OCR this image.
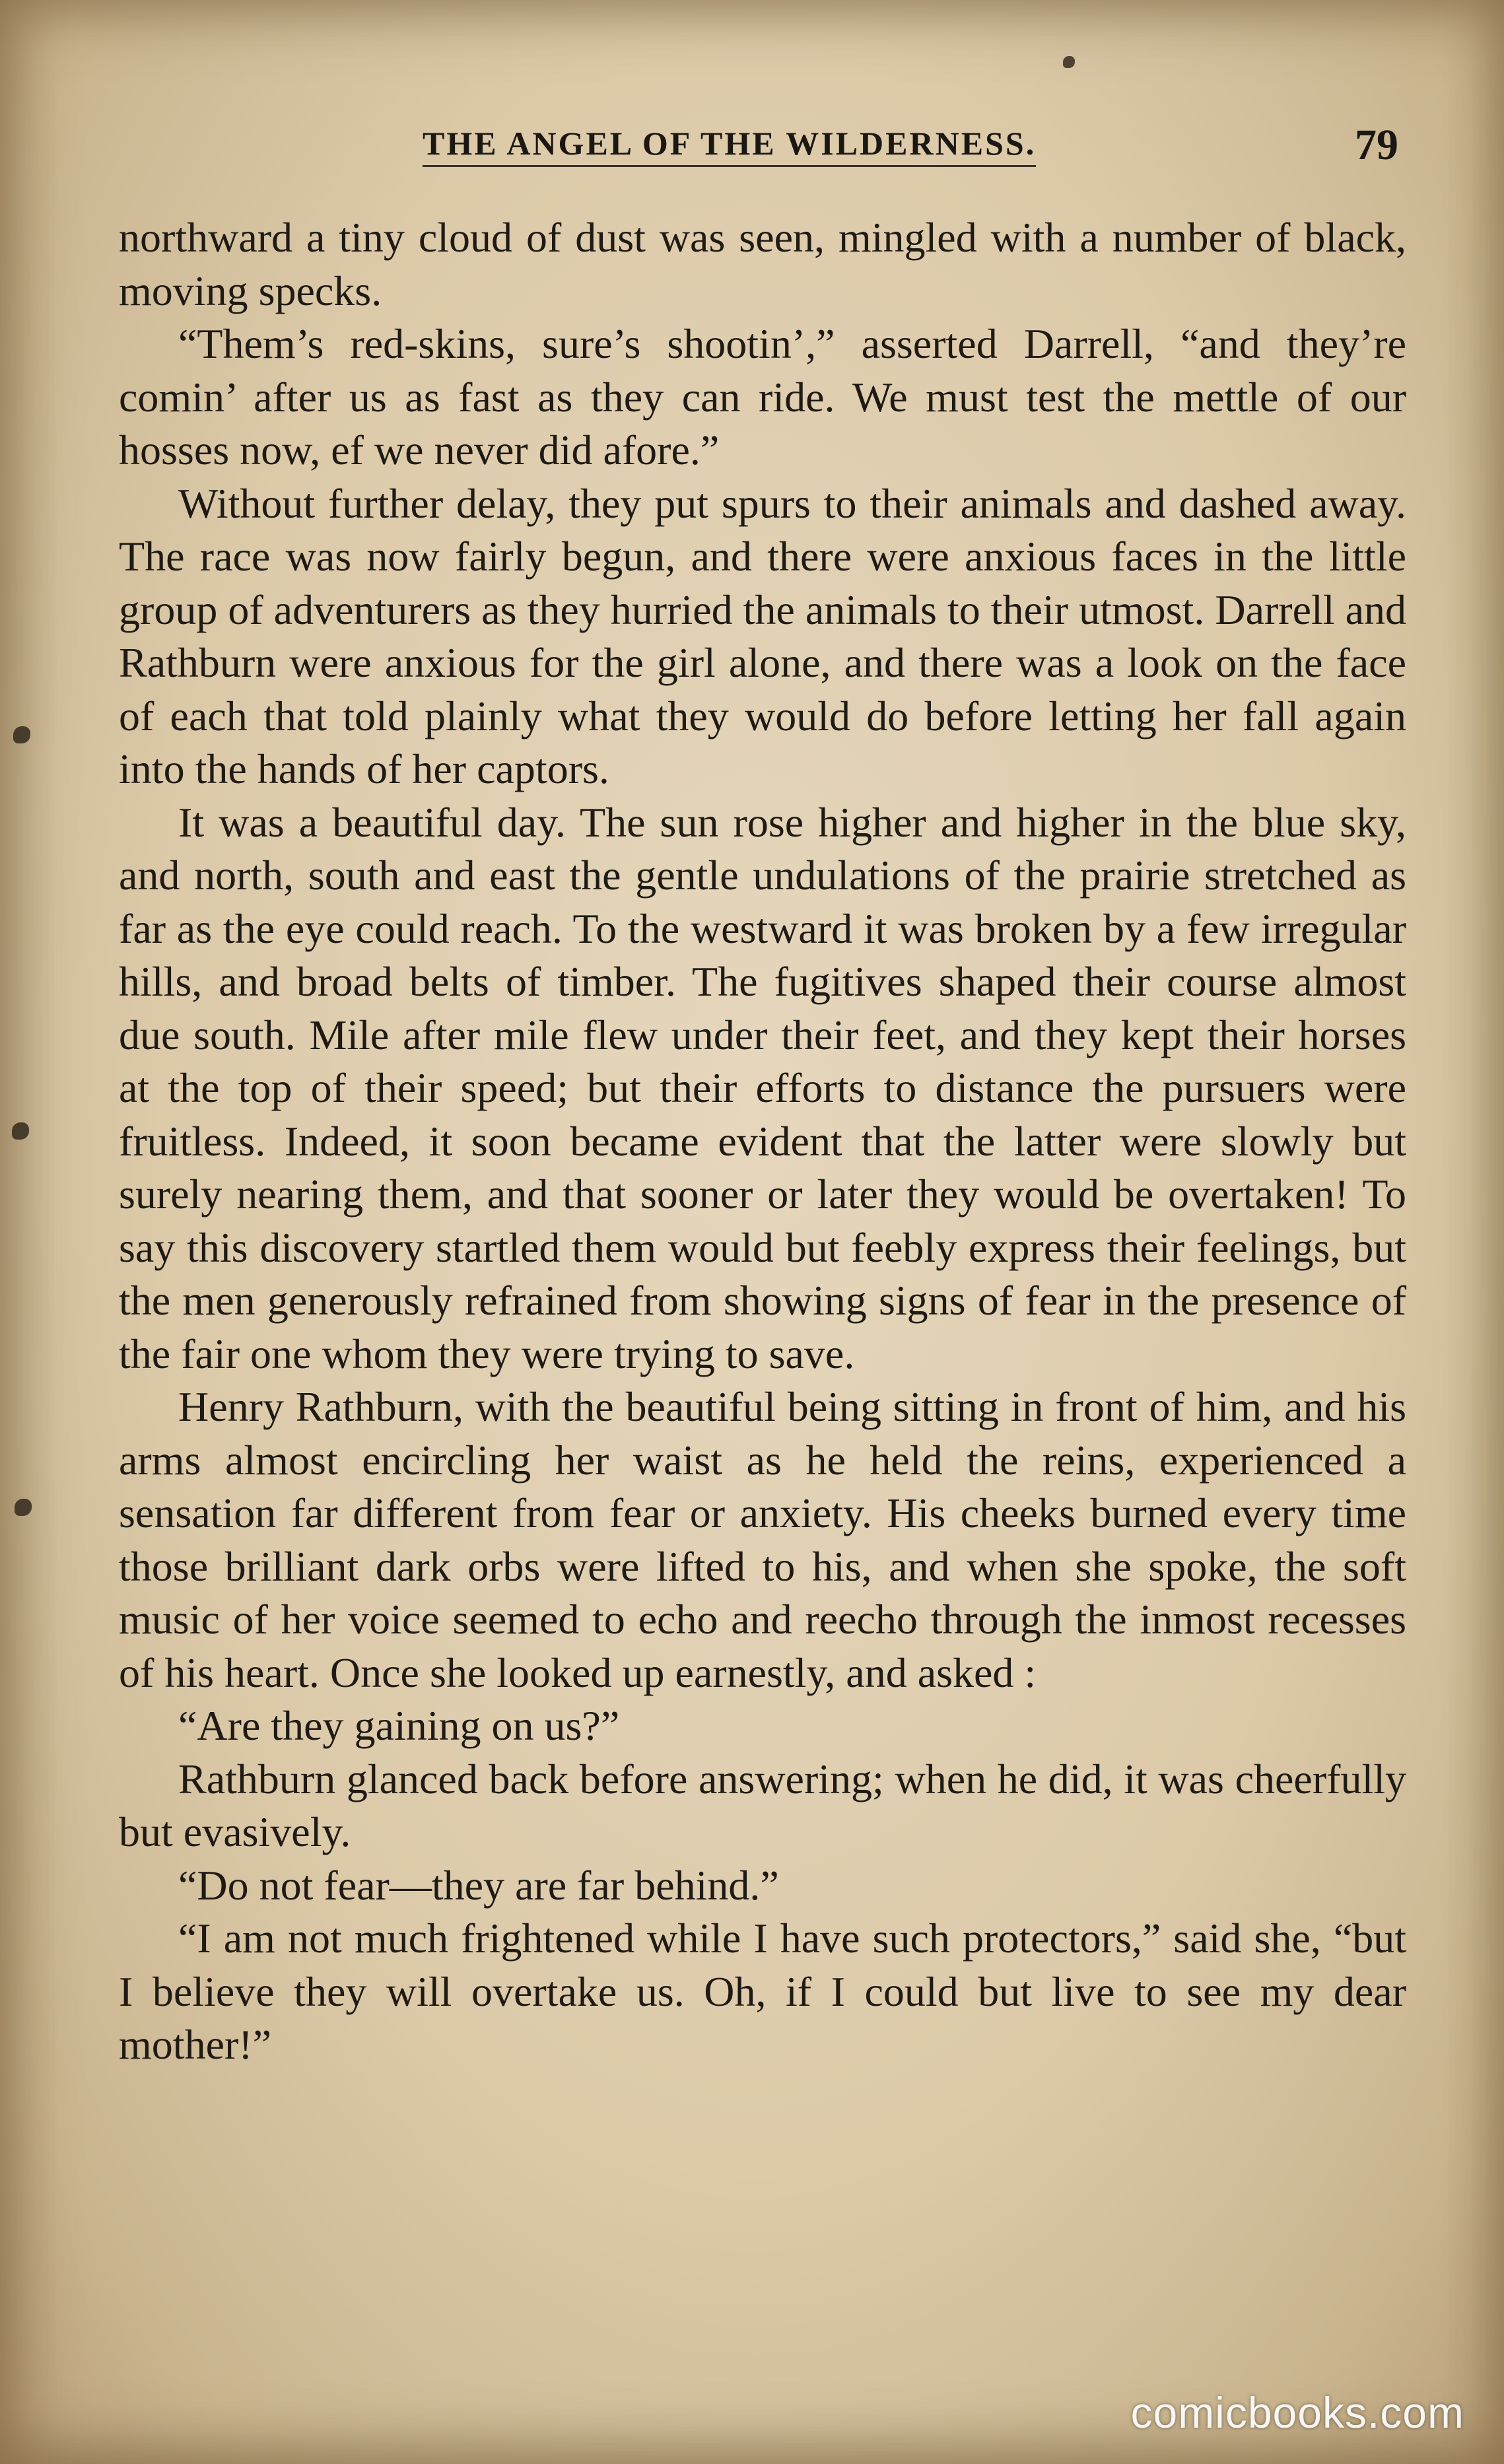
THE ANGEL OF THE WILDERNESS.	79

northward a tiny cloud of dust was seen, mingled with a number of black, moving specks.

“Them’s red-skins, sure’s shootin’,” asserted Darrell, “and they’re comin’ after us as fast as they can ride. We must test the mettle of our hosses now, ef we never did afore.”

Without further delay, they put spurs to their animals and dashed away. The race was now fairly begun, and there were anxious faces in the little group of adventurers as they hurried the animals to their utmost. Darrell and Rathburn were anxious for the girl alone, and there was a look on the face of each that told plainly what they would do before letting her fall again into the hands of her captors.

It was a beautiful day. The sun rose higher and higher in the blue sky, and north, south and east the gentle undulations of the prairie stretched as far as the eye could reach. To the westward it was broken by a few irregular hills, and broad belts of timber. The fugitives shaped their course almost due south. Mile after mile flew under their feet, and they kept their horses at the top of their speed; but their efforts to distance the pursuers were fruitless. Indeed, it soon became evident that the latter were slowly but surely nearing them, and that sooner or later they would be overtaken! To say this discovery startled them would but feebly express their feelings, but the men generously refrained from showing signs of fear in the presence of the fair one whom they were trying to save.

Henry Rathburn, with the beautiful being sitting in front of him, and his arms almost encircling her waist as he held the reins, experienced a sensation far different from fear or anxiety. His cheeks burned every time those brilliant dark orbs were lifted to his, and when she spoke, the soft music of her voice seemed to echo and reecho through the inmost recesses of his heart. Once she looked up earnestly, and asked :

“Are they gaining on us?”

Rathburn glanced back before answering; when he did, it was cheerfully but evasively.

“Do not fear—they are far behind.”

“I am not much frightened while I have such protectors,” said she, “but I believe they will overtake us. Oh, if I could but live to see my dear mother!”

comicbooks.com
